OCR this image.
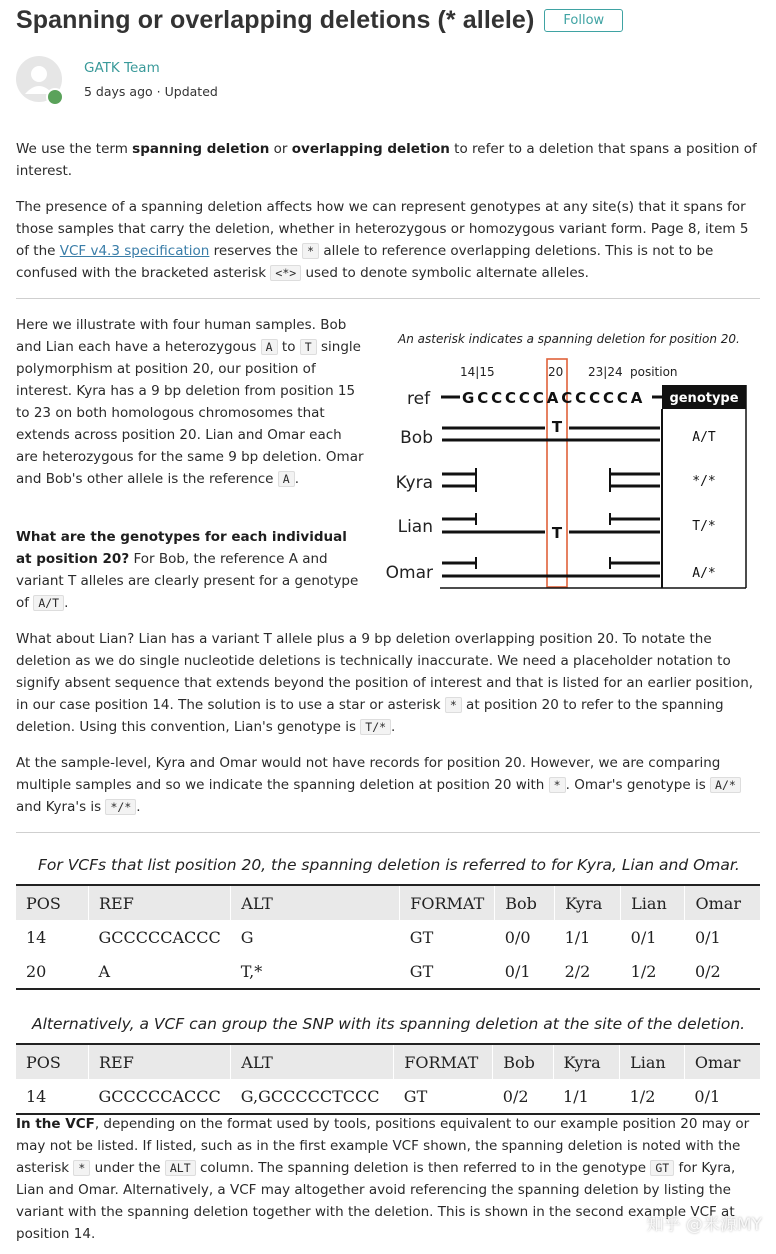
Spanning or overlapping deletions (* allele)	Follow
GATK Team
5 days ago · Updated
We use the term spanning deletion or overlapping deletion to refer to a deletion that spans a position of interest.
The presence of a spanning deletion affects how we can represent genotypes at any site(s) that it spans for those samples that carry the deletion, whether in heterozygous or homozygous variant form. Page 8, item 5 of the VCF v4.3 specification reserves the * allele to reference overlapping deletions. This is not to be confused with the bracketed asterisk <*> used to denote symbolic alternate alleles.
Here we illustrate with four human samples. Bob and Lian each have a heterozygous A to T single polymorphism at position 20, our position of interest. Kyra has a 9 bp deletion from position 15 to 23 on both homologous chromosomes that extends across position 20. Lian and Omar each are heterozygous for the same 9 bp deletion. Omar and Bob's other allele is the reference A .
What are the genotypes for each individual at position 20? For Bob, the reference A and variant T alleles are clearly present for a genotype of A/T .
An asterisk indicates a spanning deletion for position 20.
14|15	20 23|24 position
ref GCCCCCACCCCCA genotype
Bob
T
A/T
Kyra	*/*
Lian	T	T/*
Omar	A/*
What about Lian? Lian has a variant T allele plus a 9 bp deletion overlapping position 20. To notate the deletion as we do single nucleotide deletions is technically inaccurate. We need a placeholder notation to signify absent sequence that extends beyond the position of interest and that is listed for an earlier position, in our case position 14. The solution is to use a star or asterisk * at position 20 to refer to the spanning deletion. Using this convention, Lian's genotype is T/* .
At the sample-level, Kyra and Omar would not have records for position 20. However, we are comparing multiple samples and so we indicate the spanning deletion at position 20 with * . Omar's genotype is A/* and Kyra's is */* .
For VCFs that list position 20, the spanning deletion is referred to for Kyra, Lian and Omar.
POS	REF	ALT	FORMAT	Bob	Kyra	Lian	Omar
14	GCCCCCACCC	G	GT	0/0	1/1	0/1	0/1
20	A	T,*	GT	0/1	2/2	1/2	0/2
Alternatively, a VCF can group the SNP with its spanning deletion at the site of the deletion.
POS	REF	ALT	FORMAT	Bob	Kyra	Lian	Omar
14	GCCCCCACCC	G,GCCCCCTCCC	GT	0/2	1/1	1/2	0/1
In the VCF, depending on the format used by tools, positions equivalent to our example position 20 may or may not be listed. If listed, such as in the first example VCF shown, the spanning deletion is noted with the asterisk * under the ALT column. The spanning deletion is then referred to in the genotype GT for Kyra, Lian and Omar. Alternatively, a VCF may altogether avoid referencing the spanning deletion by listing the variant with the spanning deletion together with the deletion. This is shown in the second example VCF at position 14.	知乎 @米源MY
